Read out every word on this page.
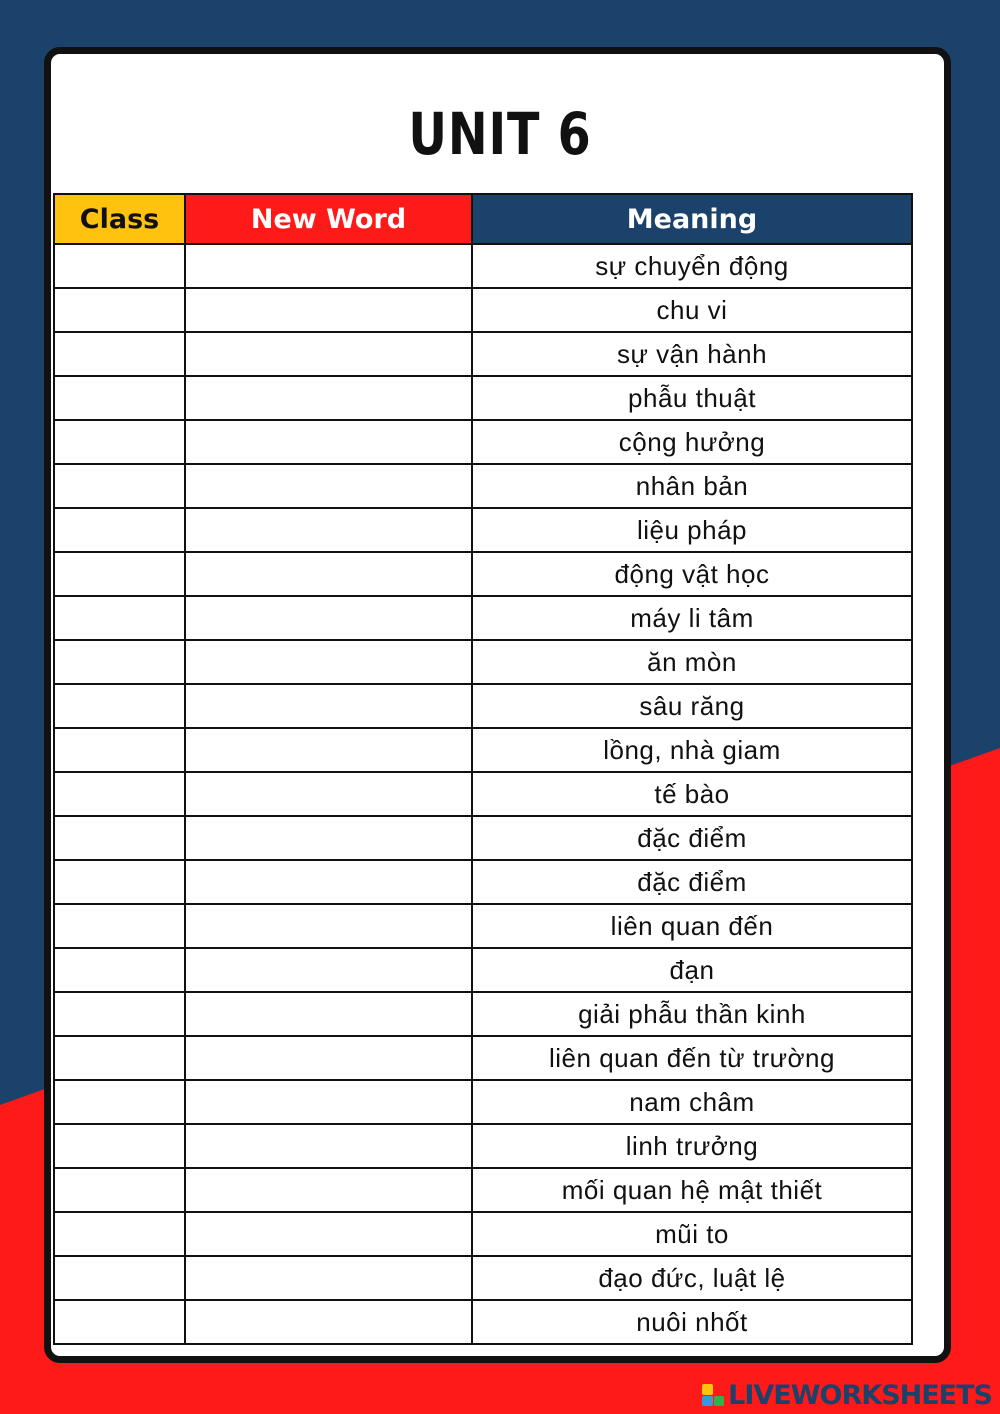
UNIT 6
Class	New Word	Meaning
		sự chuyển động
		chu vi
		sự vận hành
		phẫu thuật
		cộng hưởng
		nhân bản
		liệu pháp
		động vật học
		máy li tâm
		ăn mòn
		sâu răng
		lồng, nhà giam
		tế bào
		đặc điểm
		đặc điểm
		liên quan đến
		đạn
		giải phẫu thần kinh
		liên quan đến từ trường
		nam châm
		linh trưởng
		mối quan hệ mật thiết
		mũi to
		đạo đức, luật lệ
		nuôi nhốt
LIVEWORKSHEETS
